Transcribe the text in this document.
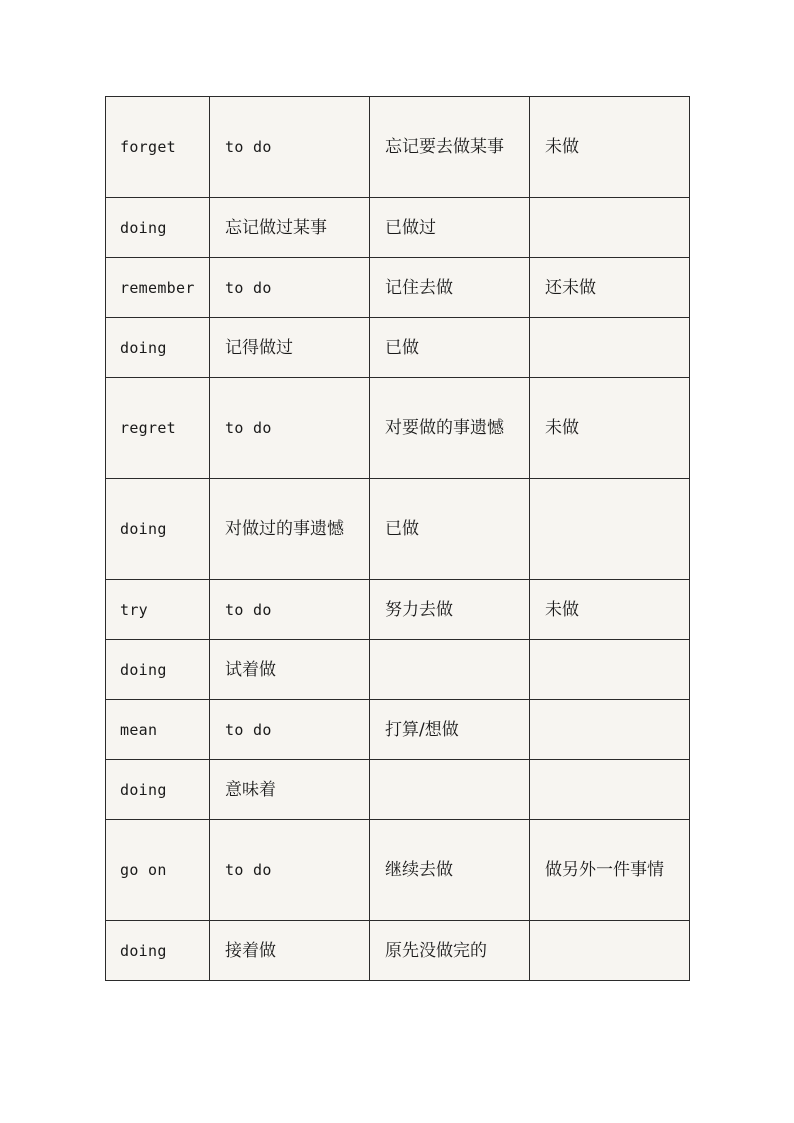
forget	to do	忘记要去做某事	未做
doing	忘记做过某事	已做过	
remember	to do	记住去做	还未做
doing	记得做过	已做	
regret	to do	对要做的事遗憾	未做
doing	对做过的事遗憾	已做	
try	to do	努力去做	未做
doing	试着做		
mean	to do	打算/想做	
doing	意味着		
go on	to do	继续去做	做另外一件事情

doing	接着做	原先没做完的	
